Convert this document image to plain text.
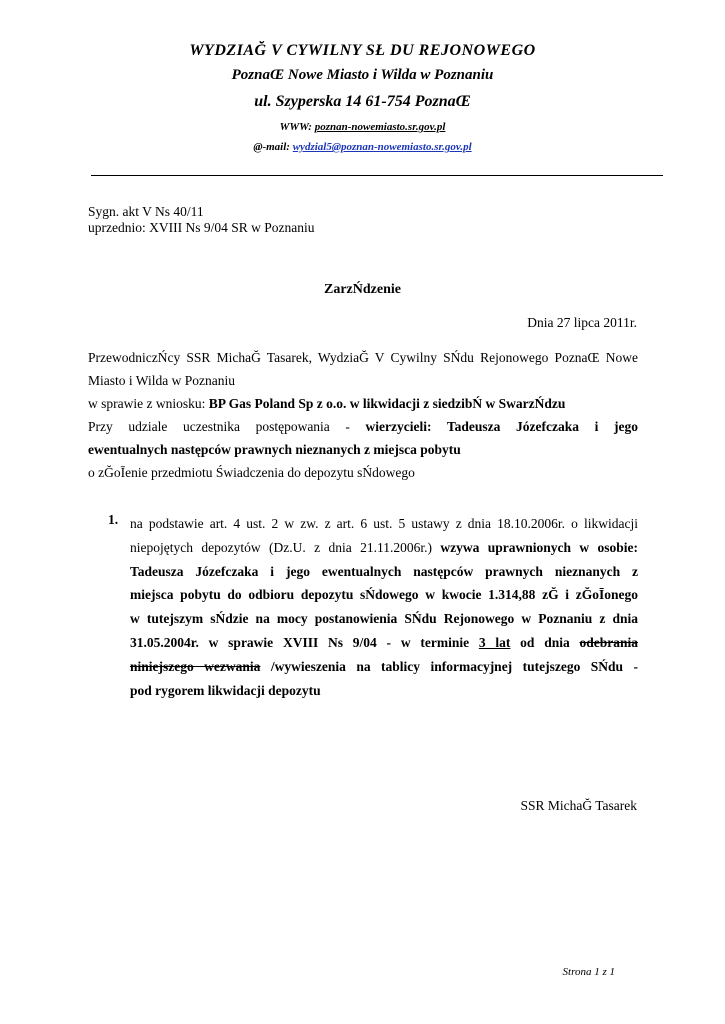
WYDZIAĞ V CYWILNY SŁ DU REJONOWEGO
PoznaŒ Nowe Miasto i Wilda w Poznaniu
ul. Szyperska 14 61-754 PoznaŒ
WWW: poznan-nowemiasto.sr.gov.pl
@-mail: wydzial5@poznan-nowemiasto.sr.gov.pl
Sygn. akt V Ns 40/11
uprzednio: XVIII Ns 9/04 SR w Poznaniu
ZarzŃdzenie
Dnia 27 lipca 2011r.
PrzewodniczŃcy SSR MichaĞ Tasarek, WydziaĞ V Cywilny SŃdu Rejonowego PoznaŒ Nowe
Miasto i Wilda w Poznaniu
w sprawie z wniosku: BP Gas Poland Sp z o.o. w likwidacji z siedzibŃ w SwarzŃdzu
Przy udziale uczestnika postępowania - wierzycieli: Tadeusza Józefczaka i jego
ewentualnych następców prawnych nieznanych z miejsca pobytu
o zĞoĪenie przedmiotu Świadczenia do depozytu sŃdowego
1. na podstawie art. 4 ust. 2 w zw. z art. 6 ust. 5 ustawy z dnia 18.10.2006r. o likwidacji
niepojętych depozytów (Dz.U. z dnia 21.11.2006r.) wzywa uprawnionych w osobie:
Tadeusza Józefczaka i jego ewentualnych następców prawnych nieznanych z
miejsca pobytu do odbioru depozytu sŃdowego w kwocie 1.314,88 zĞ i zĞoĪonego
w tutejszym sŃdzie na mocy postanowienia SŃdu Rejonowego w Poznaniu z dnia
31.05.2004r. w sprawie XVIII Ns 9/04 - w terminie 3 lat od dnia odebrania
niniejszego wezwania /wywieszenia na tablicy informacyjnej tutejszego SŃdu -
pod rygorem likwidacji depozytu
SSR MichaĞ Tasarek
Strona 1 z 1
